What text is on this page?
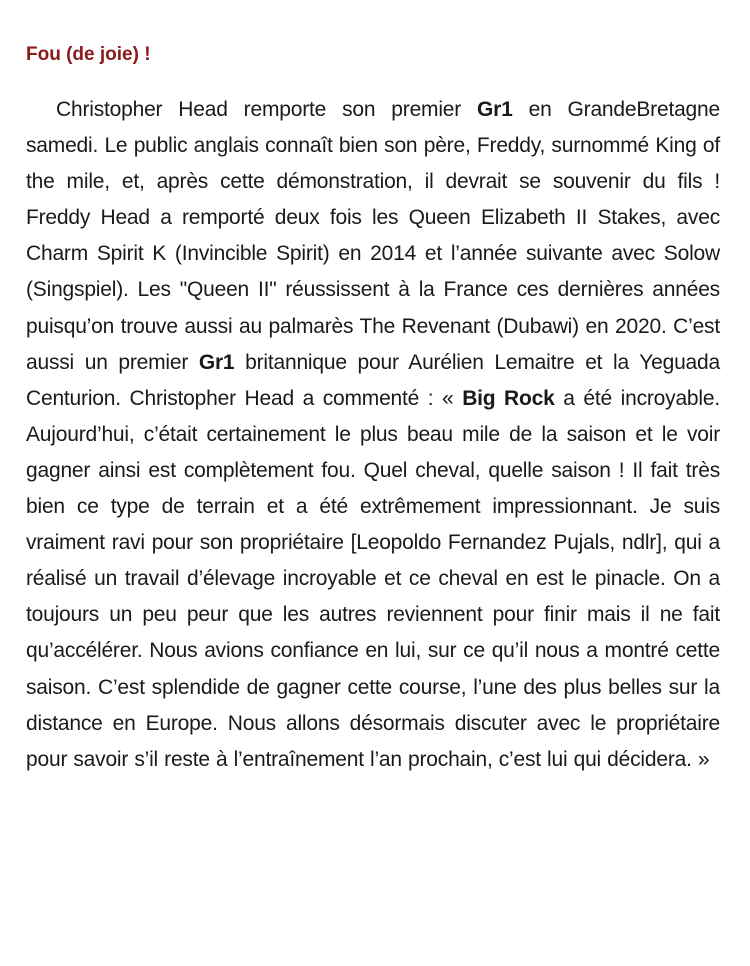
Fou (de joie) !

Christopher Head remporte son premier Gr1 en GrandeBretagne samedi. Le public anglais connaît bien son père, Freddy, surnommé King of the mile, et, après cette démonstration, il devrait se souvenir du fils ! Freddy Head a remporté deux fois les Queen Elizabeth II Stakes, avec Charm Spirit K (Invincible Spirit) en 2014 et l’année suivante avec Solow (Singspiel). Les "Queen II" réussissent à la France ces dernières années puisqu’on trouve aussi au palmarès The Revenant (Dubawi) en 2020. C’est aussi un premier Gr1 britannique pour Aurélien Lemaitre et la Yeguada Centurion. Christopher Head a commenté : « Big Rock a été incroyable. Aujourd’hui, c’était certainement le plus beau mile de la saison et le voir gagner ainsi est complètement fou. Quel cheval, quelle saison ! Il fait très bien ce type de terrain et a été extrêmement impressionnant. Je suis vraiment ravi pour son propriétaire [Leopoldo Fernandez Pujals, ndlr], qui a réalisé un travail d’élevage incroyable et ce cheval en est le pinacle. On a toujours un peu peur que les autres reviennent pour finir mais il ne fait qu’accélérer. Nous avions confiance en lui, sur ce qu’il nous a montré cette saison. C’est splendide de gagner cette course, l’une des plus belles sur la distance en Europe. Nous allons désormais discuter avec le propriétaire pour savoir s’il reste à l’entraînement l’an prochain, c’est lui qui décidera. »
